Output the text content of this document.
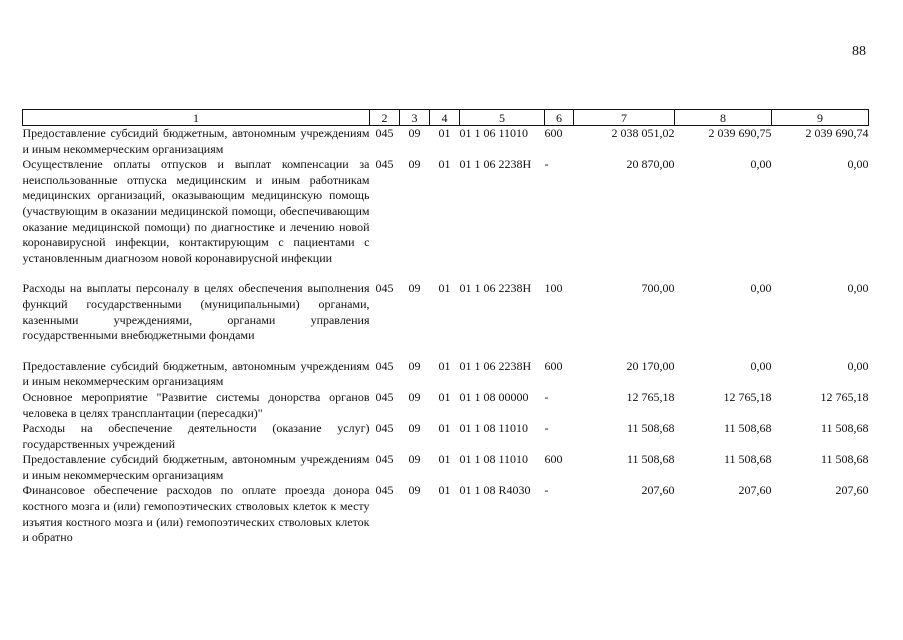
88
1	2	3	4	5	6	7	8	9
Предоставление субсидий бюджетным, автономным учреждениям и иным некоммерческим организациям	045	09	01	01 1 06 11010	600	2 038 051,02	2 039 690,75	2 039 690,74
Осуществление оплаты отпусков и выплат компенсации за неиспользованные отпуска медицинским и иным работникам медицинских организаций, оказывающим медицинскую помощь (участвующим в оказании медицинской помощи, обеспечивающим оказание медицинской помощи) по диагностике и лечению новой коронавирусной инфекции, контактирующим с пациентами с установленным диагнозом новой коронавирусной инфекции	045	09	01	01 1 06 2238Н	-	20 870,00	0,00	0,00
Расходы на выплаты персоналу в целях обеспечения выполнения функций государственными (муниципальными) органами, казенными учреждениями, органами управления государственными внебюджетными фондами	045	09	01	01 1 06 2238Н	100	700,00	0,00	0,00
Предоставление субсидий бюджетным, автономным учреждениям и иным некоммерческим организациям	045	09	01	01 1 06 2238Н	600	20 170,00	0,00	0,00
Основное мероприятие "Развитие системы донорства органов человека в целях трансплантации (пересадки)"	045	09	01	01 1 08 00000	-	12 765,18	12 765,18	12 765,18
Расходы на обеспечение деятельности (оказание услуг) государственных учреждений	045	09	01	01 1 08 11010	-	11 508,68	11 508,68	11 508,68
Предоставление субсидий бюджетным, автономным учреждениям и иным некоммерческим организациям	045	09	01	01 1 08 11010	600	11 508,68	11 508,68	11 508,68
Финансовое обеспечение расходов по оплате проезда донора костного мозга и (или) гемопоэтических стволовых клеток к месту изъятия костного мозга и (или) гемопоэтических стволовых клеток и обратно	045	09	01	01 1 08 R4030	-	207,60	207,60	207,60
